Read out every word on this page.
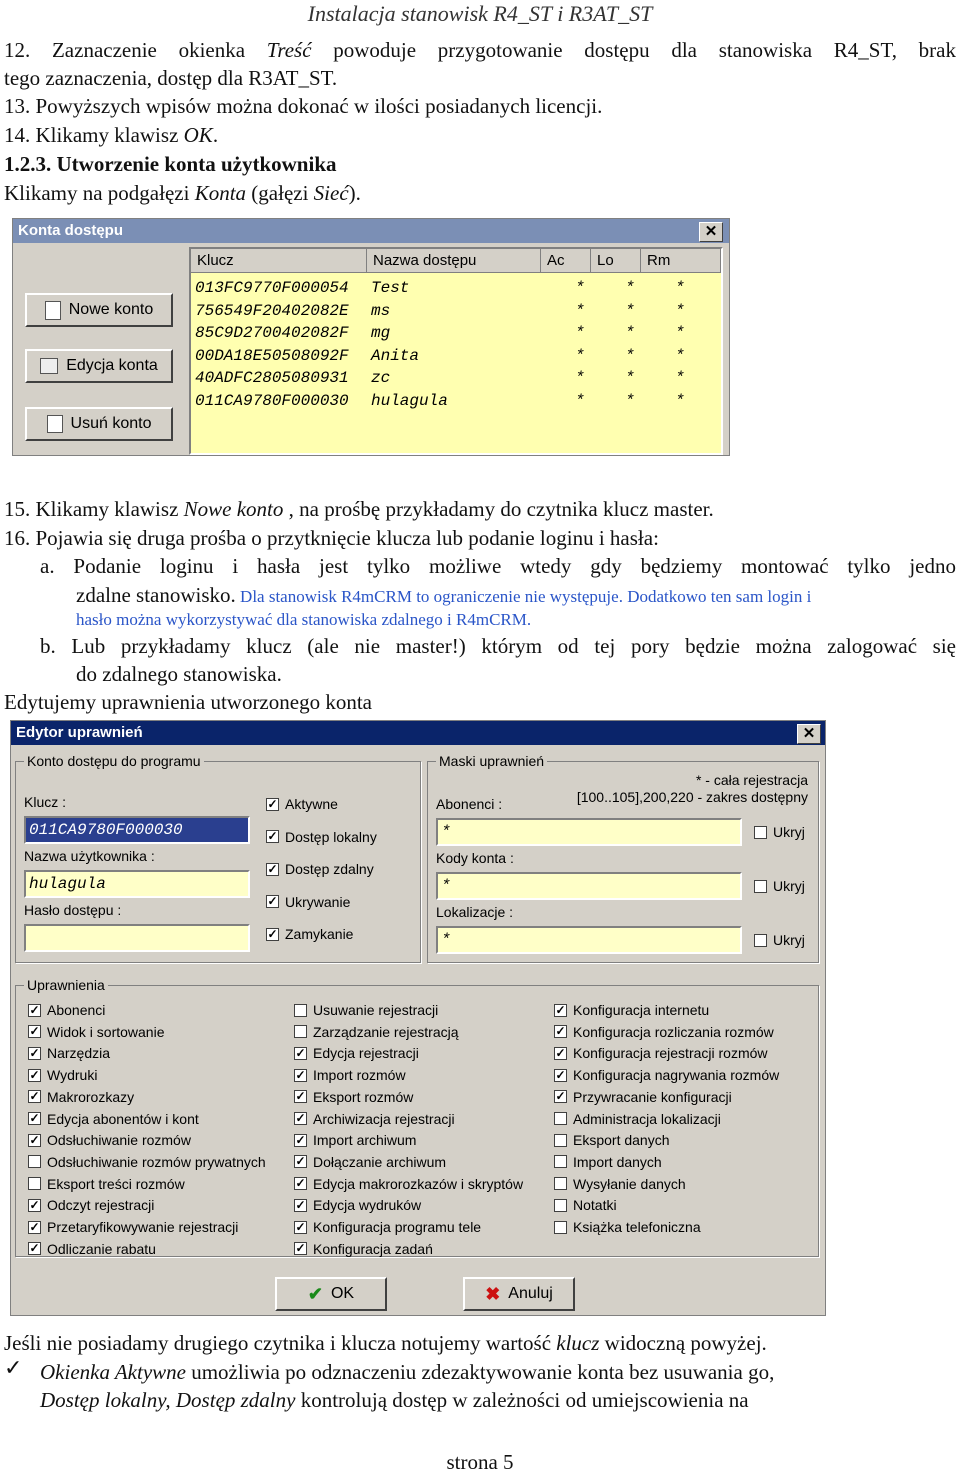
Instalacja stanowisk R4_ST i R3AT_ST
12. Zaznaczenie okienka Treść powoduje przygotowanie dostępu dla stanowiska R4_ST, brak
tego zaznaczenia, dostęp dla R3AT_ST.
13. Powyższych wpisów można dokonać w ilości posiadanych licencji.
14. Klikamy klawisz OK.
1.2.3. Utworzenie konta użytkownika
Klikamy na podgałęzi Konta (gałęzi Sieć).
Konta dostępu	✕
Nowe konto
Edycja konta
Usuń konto
Klucz	Nazwa dostępu	Ac	Lo	Rm
013FC9770F000054 Test	*	*	*
756549F20402082E ms	*	*	*
85C9D2700402082F mg	*	*	*
00DA18E50508092F Anita	*	*	*
40ADFC2805080931 zc	*	*	*
011CA9780F000030 hulagula	*	*	*
15. Klikamy klawisz Nowe konto , na prośbę przykładamy do czytnika klucz master.
16. Pojawia się druga prośba o przytknięcie klucza lub podanie loginu i hasła:
a. Podanie loginu i hasła jest tylko możliwe wtedy gdy będziemy montować tylko jedno
zdalne stanowisko. Dla stanowisk R4mCRM to ograniczenie nie występuje. Dodatkowo ten sam login i
hasło można wykorzystywać dla stanowiska zdalnego i R4mCRM.
b. Lub przykładamy klucz (ale nie master!) którym od tej pory będzie można zalogować się
do zdalnego stanowiska.
Edytujemy uprawnienia utworzonego konta
Edytor uprawnień	✕
Konto dostępu do programu
Klucz :
011CA9780F000030
Nazwa użytkownika :
hulagula
Hasło dostępu :
✓ Aktywne
✓ Dostęp lokalny
✓ Dostęp zdalny
✓ Ukrywanie
✓ Zamykanie
Maski uprawnień
* - cała rejestracja
[100..105],200,220 - zakres dostępny
Abonenci :
*	Ukryj
Kody konta :
*	Ukryj
Lokalizacje :
*	Ukryj
Uprawnienia
✓ Abonenci
✓ Widok i sortowanie
✓ Narzędzia
✓ Wydruki
✓ Makrorozkazy
✓ Edycja abonentów i kont
✓ Odsłuchiwanie rozmów
Odsłuchiwanie rozmów prywatnych
Eksport treści rozmów
✓ Odczyt rejestracji
✓ Przetaryfikowywanie rejestracji
✓ Odliczanie rabatu
Usuwanie rejestracji
Zarządzanie rejestracją
✓ Edycja rejestracji
✓ Import rozmów
✓ Eksport rozmów
✓ Archiwizacja rejestracji
✓ Import archiwum
✓ Dołączanie archiwum
✓ Edycja makrorozkazów i skryptów
✓ Edycja wydruków
✓ Konfiguracja programu tele
✓ Konfiguracja zadań
✓ Konfiguracja internetu
✓ Konfiguracja rozliczania rozmów
✓ Konfiguracja rejestracji rozmów
✓ Konfiguracja nagrywania rozmów
✓ Przywracanie konfiguracji
Administracja lokalizacji
Eksport danych
Import danych
Wysyłanie danych
Notatki
Książka telefoniczna
✔ OK	✖ Anuluj
Jeśli nie posiadamy drugiego czytnika i klucza notujemy wartość klucz widoczną powyżej.
✓ Okienka Aktywne umożliwia po odznaczeniu zdezaktywowanie konta bez usuwania go,
Dostęp lokalny, Dostęp zdalny kontrolują dostęp w zależności od umiejscowienia na
strona 5
